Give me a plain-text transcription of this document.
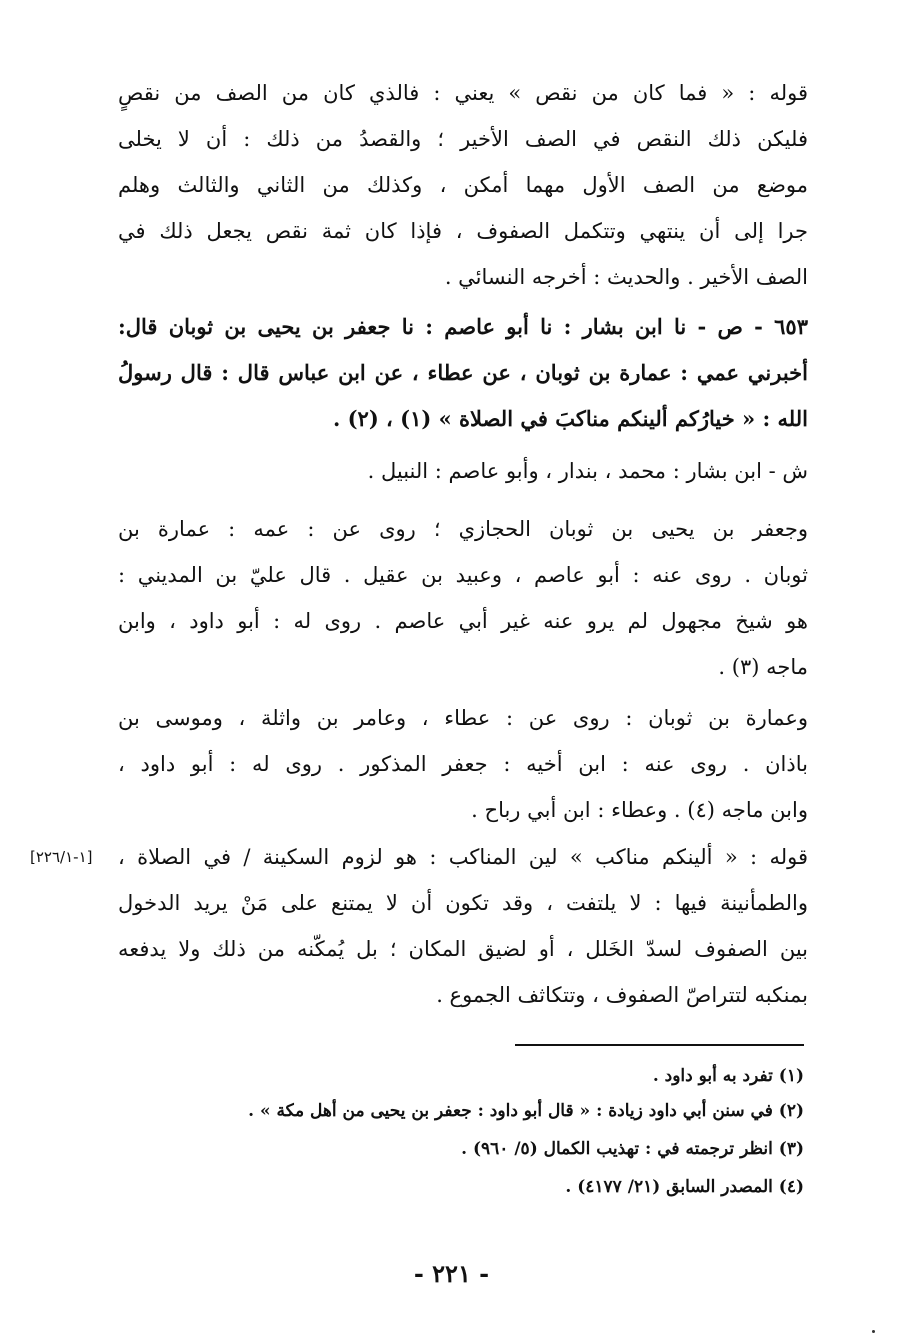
قوله : « فما كان من نقص » يعني : فالذي كان من الصف من نقصٍ
فليكن ذلك النقص في الصف الأخير ؛ والقصدُ من ذلك : أن لا يخلى
موضع من الصف الأول مهما أمكن ، وكذلك من الثاني والثالث وهلم
جرا إلى أن ينتهي وتتكمل الصفوف ، فإذا كان ثمة نقص يجعل ذلك في
الصف الأخير . والحديث : أخرجه النسائي .
٦٥٣ - ص - نا ابن بشار : نا أبو عاصم : نا جعفر بن يحيى بن ثوبان قال:
أخبرني عمي : عمارة بن ثوبان ، عن عطاء ، عن ابن عباس قال : قال رسولُ
الله : « خيارُكم ألينكم مناكبَ في الصلاة » (١) ، (٢) .
ش - ابن بشار : محمد ، بندار ، وأبو عاصم : النبيل .
وجعفر بن يحيى بن ثوبان الحجازي ؛ روى عن : عمه : عمارة بن
ثوبان . روى عنه : أبو عاصم ، وعبيد بن عقيل . قال عليّ بن المديني :
هو شيخ مجهول لم يرو عنه غير أبي عاصم . روى له : أبو داود ، وابن
ماجه (٣) .
وعمارة بن ثوبان : روى عن : عطاء ، وعامر بن واثلة ، وموسى بن
باذان . روى عنه : ابن أخيه : جعفر المذكور . روى له : أبو داود ،
وابن ماجه (٤) . وعطاء : ابن أبي رباح .
قوله : « ألينكم مناكب » لين المناكب : هو لزوم السكينة / في الصلاة ،
والطمأنينة فيها : لا يلتفت ، وقد تكون أن لا يمتنع على مَنْ يريد الدخول
بين الصفوف لسدّ الخَلل ، أو لضيق المكان ؛ بل يُمكّنه من ذلك ولا يدفعه
بمنكبه لتتراصّ الصفوف ، وتتكاثف الجموع .
[١-٢٢٦/١]
(١) تفرد به أبو داود .
(٢) في سنن أبي داود زيادة : « قال أبو داود : جعفر بن يحيى من أهل مكة » .
(٣) انظر ترجمته في : تهذيب الكمال (٥/ ٩٦٠) .
(٤) المصدر السابق (٢١/ ٤١٧٧) .
- ٢٢١ -
